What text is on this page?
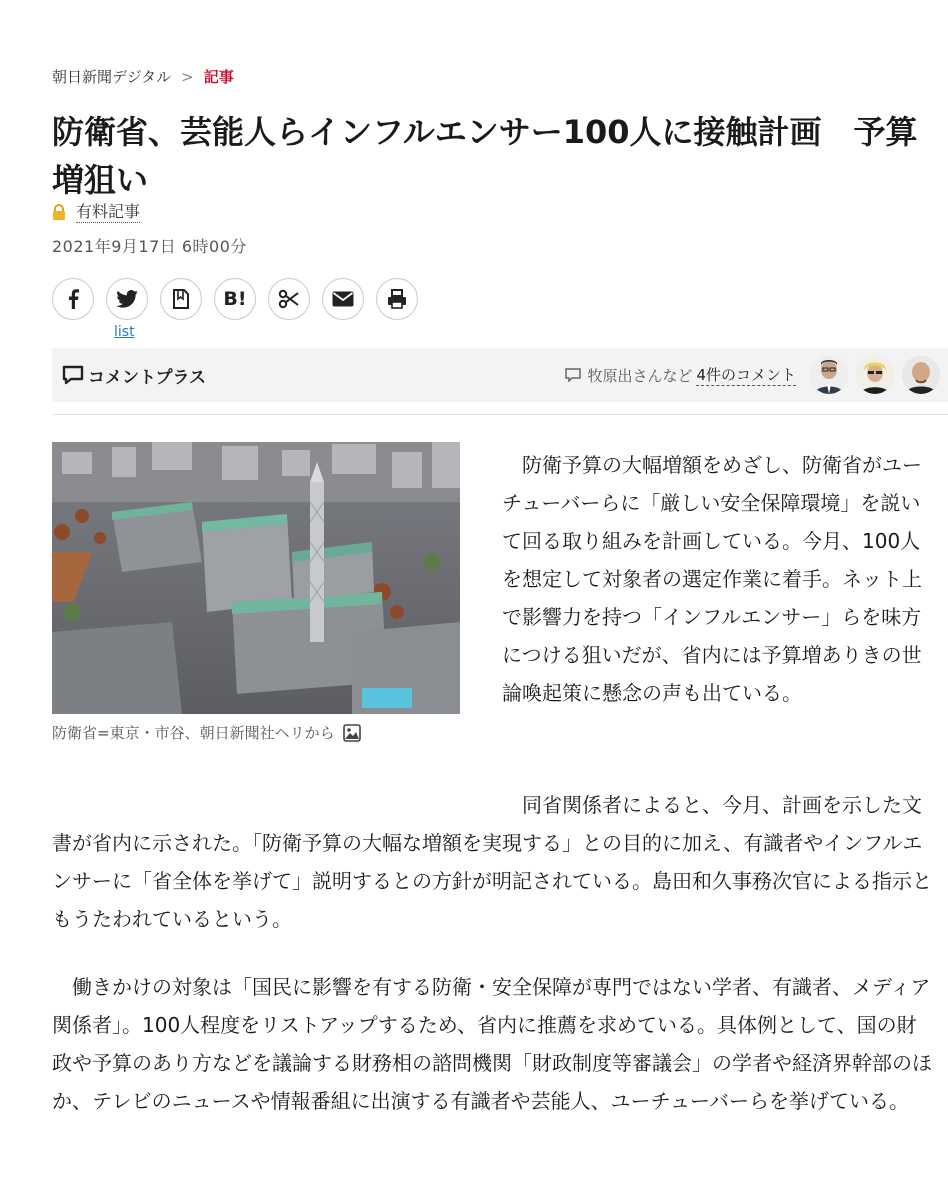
朝日新聞デジタル > 記事
防衛省、芸能人らインフルエンサー100人に接触計画　予算増狙い
有料記事
2021年9月17日 6時00分
B!
list
コメントプラス	牧原出さんなど 4件のコメント
防衛省=東京・市谷、朝日新聞社ヘリから

防衛予算の大幅増額をめざし、防衛省がユーチューバーらに「厳しい安全保障環境」を説いて回る取り組みを計画している。今月、100人を想定して対象者の選定作業に着手。ネット上で影響力を持つ「インフルエンサー」らを味方につける狙いだが、省内には予算増ありきの世論喚起策に懸念の声も出ている。

同省関係者によると、今月、計画を示した文書が省内に示された。「防衛予算の大幅な増額を実現する」との目的に加え、有識者やインフルエンサーに「省全体を挙げて」説明するとの方針が明記されている。島田和久事務次官による指示ともうたわれているという。

働きかけの対象は「国民に影響を有する防衛・安全保障が専門ではない学者、有識者、メディア関係者」。100人程度をリストアップするため、省内に推薦を求めている。具体例として、国の財政や予算のあり方などを議論する財務相の諮問機関「財政制度等審議会」の学者や経済界幹部のほか、テレビのニュースや情報番組に出演する有識者や芸能人、ユーチューバーらを挙げている。
